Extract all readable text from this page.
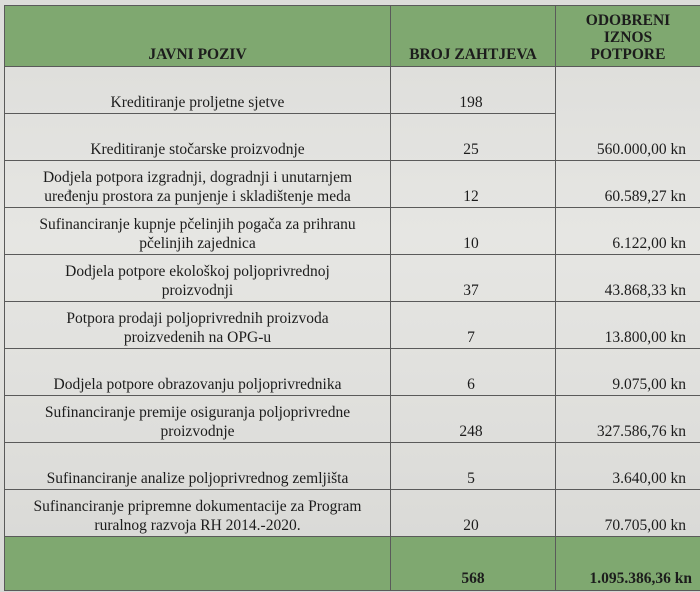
JAVNI POZIV	BROJ ZAHTJEVA	ODOBRENI
IZNOS
POTPORE

Kreditiranje proljetne sjetve	198	

Kreditiranje stočarske proizvodnje	25	560.000,00 kn

Dodjela potpora izgradnji, dogradnji i unutarnjem
uređenju prostora za punjenje i skladištenje meda	12	60.589,27 kn

Sufinanciranje kupnje pčelinjih pogača za prihranu
pčelinjih zajednica	10	6.122,00 kn

Dodjela potpore ekološkoj poljoprivrednoj
proizvodnji	37	43.868,33 kn

Potpora prodaji poljoprivrednih proizvoda
proizvedenih na OPG-u	7	13.800,00 kn

Dodjela potpore obrazovanju poljoprivrednika	6	9.075,00 kn

Sufinanciranje premije osiguranja poljoprivredne
proizvodnje	248	327.586,76 kn

Sufinanciranje analize poljoprivrednog zemljišta	5	3.640,00 kn

Sufinanciranje pripremne dokumentacije za Program
ruralnog razvoja RH 2014.-2020.	20	70.705,00 kn
	568	1.095.386,36 kn
